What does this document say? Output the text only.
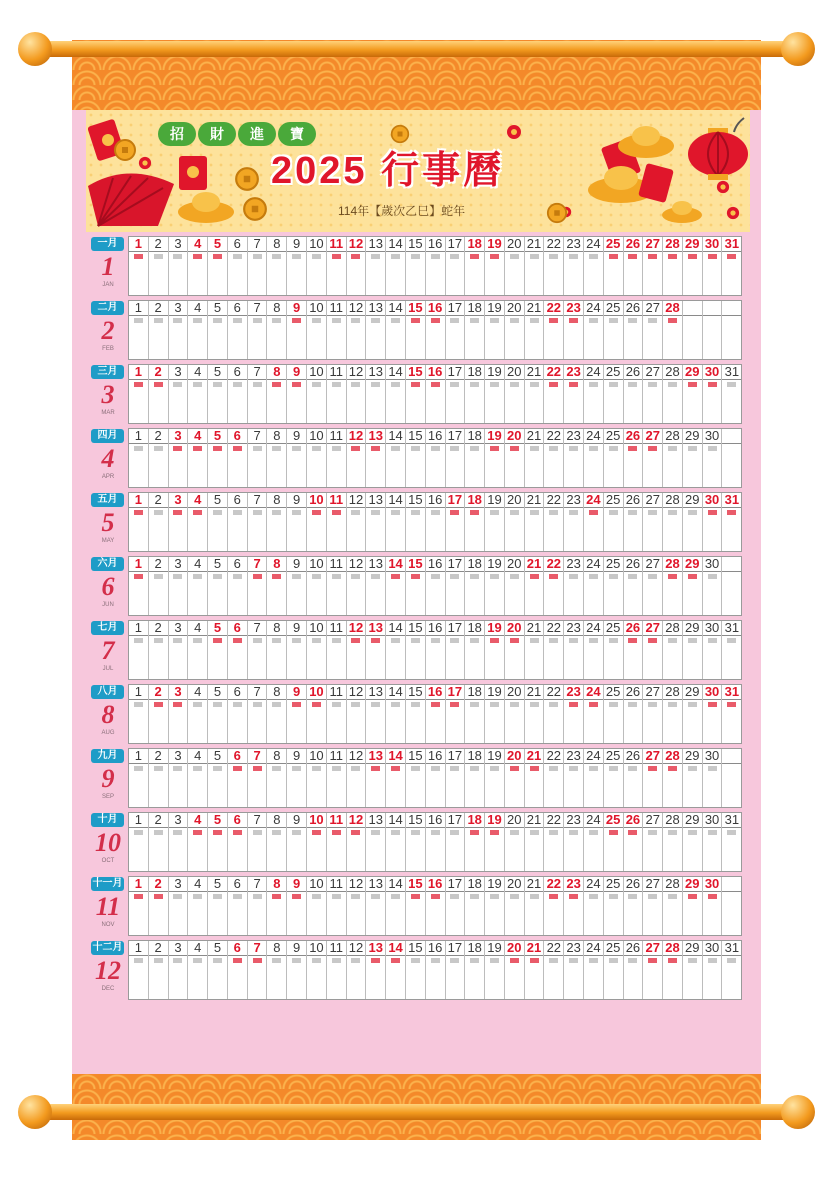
招	財	進	寶
2025 行事曆
114年【歲次乙巳】蛇年
一月
1
JAN
1 2 3 4 5 6 7 8 9 10 11 12 13 14 15 16 17 18 19 20 21 22 23 24 25 26 27 28 29 30 31
二月
2
FEB
1 2 3 4 5 6 7 8 9 10 11 12 13 14 15 16 17 18 19 20 21 22 23 24 25 26 27 28
三月
3
MAR
1 2 3 4 5 6 7 8 9 10 11 12 13 14 15 16 17 18 19 20 21 22 23 24 25 26 27 28 29 30 31
四月
4
APR
1 2 3 4 5 6 7 8 9 10 11 12 13 14 15 16 17 18 19 20 21 22 23 24 25 26 27 28 29 30
五月
5
MAY
1 2 3 4 5 6 7 8 9 10 11 12 13 14 15 16 17 18 19 20 21 22 23 24 25 26 27 28 29 30 31
六月
6
JUN
1 2 3 4 5 6 7 8 9 10 11 12 13 14 15 16 17 18 19 20 21 22 23 24 25 26 27 28 29 30
七月
7
JUL
1 2 3 4 5 6 7 8 9 10 11 12 13 14 15 16 17 18 19 20 21 22 23 24 25 26 27 28 29 30 31
八月
8
AUG
1 2 3 4 5 6 7 8 9 10 11 12 13 14 15 16 17 18 19 20 21 22 23 24 25 26 27 28 29 30 31
九月
9
SEP
1 2 3 4 5 6 7 8 9 10 11 12 13 14 15 16 17 18 19 20 21 22 23 24 25 26 27 28 29 30
十月
10
OCT
1 2 3 4 5 6 7 8 9 10 11 12 13 14 15 16 17 18 19 20 21 22 23 24 25 26 27 28 29 30 31
十一月
11
NOV
1 2 3 4 5 6 7 8 9 10 11 12 13 14 15 16 17 18 19 20 21 22 23 24 25 26 27 28 29 30
十二月
12
DEC
1 2 3 4 5 6 7 8 9 10 11 12 13 14 15 16 17 18 19 20 21 22 23 24 25 26 27 28 29 30 31
